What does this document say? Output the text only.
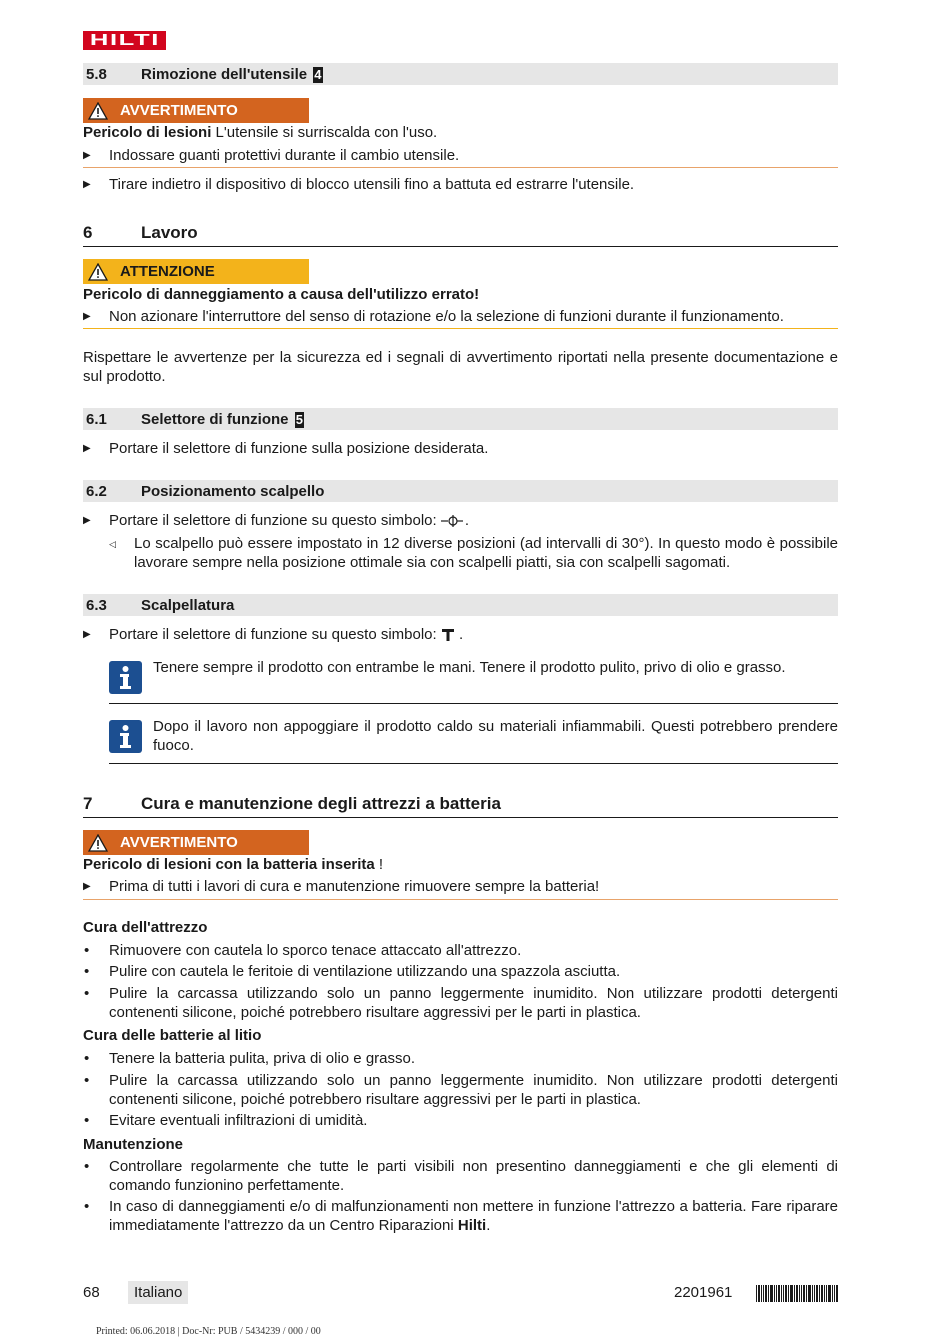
HILTI
5.8 Rimozione dell'utensile 4
AVVERTIMENTO
Pericolo di lesioni L'utensile si surriscalda con l'uso.
▶ Indossare guanti protettivi durante il cambio utensile.
▶ Tirare indietro il dispositivo di blocco utensili fino a battuta ed estrarre l'utensile.
6	Lavoro
ATTENZIONE
Pericolo di danneggiamento a causa dell'utilizzo errato!
▶ Non azionare l'interruttore del senso di rotazione e/o la selezione di funzioni durante il funzionamento.
Rispettare le avvertenze per la sicurezza ed i segnali di avvertimento riportati nella presente documentazione e sul prodotto.
6.1 Selettore di funzione 5
▶ Portare il selettore di funzione sulla posizione desiderata.
6.2 Posizionamento scalpello
▶ Portare il selettore di funzione su questo simbolo: .
◁ Lo scalpello può essere impostato in 12 diverse posizioni (ad intervalli di 30°). In questo modo è possibile lavorare sempre nella posizione ottimale sia con scalpelli piatti, sia con scalpelli sagomati.
6.3 Scalpellatura
▶ Portare il selettore di funzione su questo simbolo:  .
Tenere sempre il prodotto con entrambe le mani. Tenere il prodotto pulito, privo di olio e grasso.
Dopo il lavoro non appoggiare il prodotto caldo su materiali infiammabili. Questi potrebbero prendere fuoco.
7	Cura e manutenzione degli attrezzi a batteria
AVVERTIMENTO
Pericolo di lesioni con la batteria inserita !
▶ Prima di tutti i lavori di cura e manutenzione rimuovere sempre la batteria!
Cura dell'attrezzo
• Rimuovere con cautela lo sporco tenace attaccato all'attrezzo.
• Pulire con cautela le feritoie di ventilazione utilizzando una spazzola asciutta.
• Pulire la carcassa utilizzando solo un panno leggermente inumidito. Non utilizzare prodotti detergenti contenenti silicone, poiché potrebbero risultare aggressivi per le parti in plastica.
Cura delle batterie al litio
• Tenere la batteria pulita, priva di olio e grasso.
• Pulire la carcassa utilizzando solo un panno leggermente inumidito. Non utilizzare prodotti detergenti contenenti silicone, poiché potrebbero risultare aggressivi per le parti in plastica.
• Evitare eventuali infiltrazioni di umidità.
Manutenzione
• Controllare regolarmente che tutte le parti visibili non presentino danneggiamenti e che gli elementi di comando funzionino perfettamente.
• In caso di danneggiamenti e/o di malfunzionamenti non mettere in funzione l'attrezzo a batteria. Fare riparare immediatamente l'attrezzo da un Centro Riparazioni Hilti.
68	Italiano	2201961
Printed: 06.06.2018 | Doc-Nr: PUB / 5434239 / 000 / 00
